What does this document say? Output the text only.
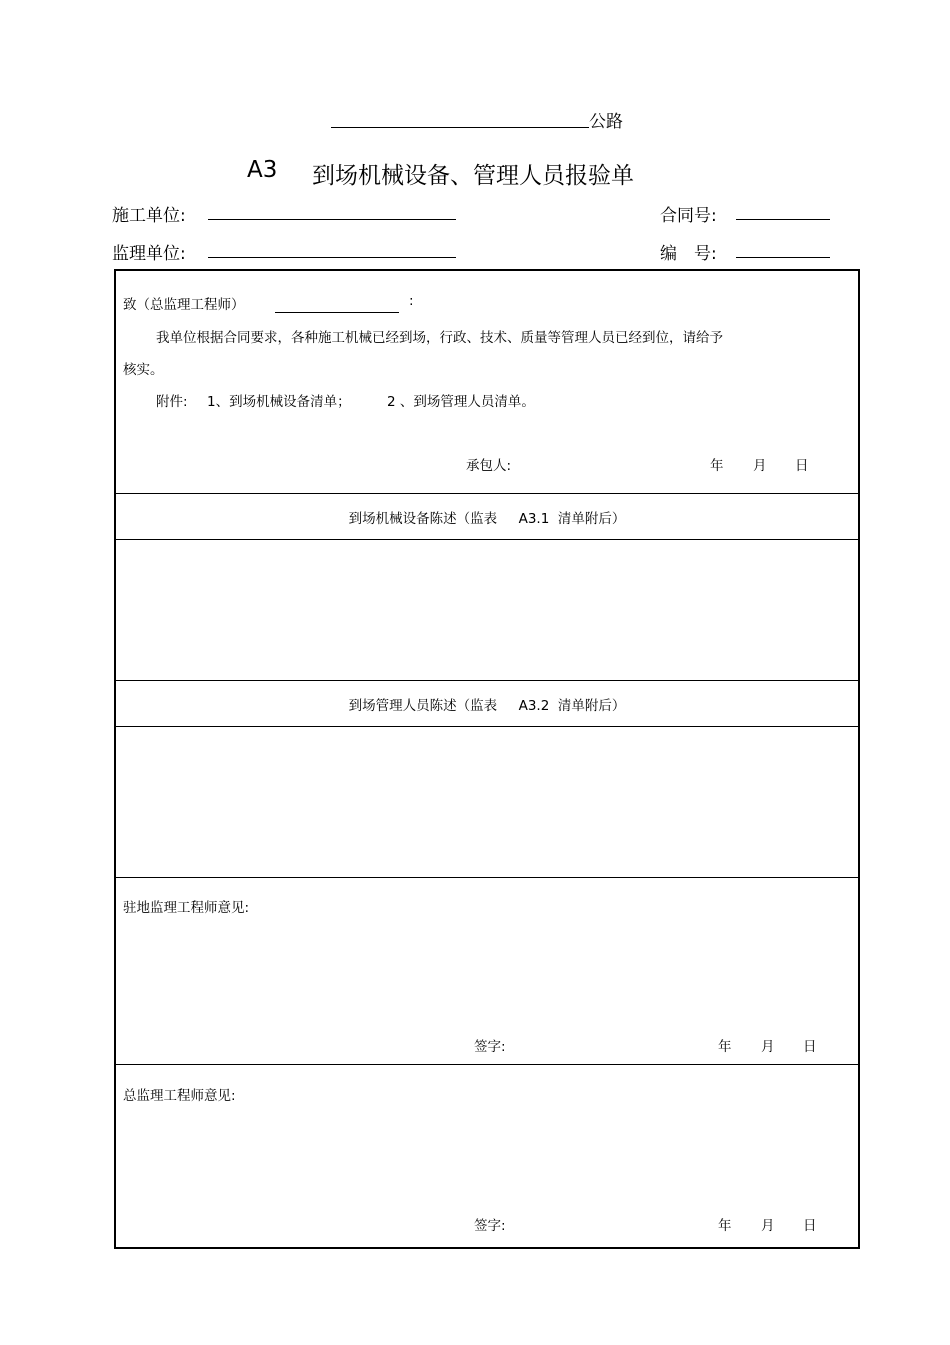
公路
A3 到场机械设备、管理人员报验单
施工单位:	合同号:
监理单位:	编　号:
致（总监理工程师）	:
我单位根据合同要求，各种施工机械已经到场，行政、技术、质量等管理人员已经到位，请给予
核实。
附件: 1、到场机械设备清单；	2 、到场管理人员清单。
承包人:	年 月 日
到场机械设备陈述（监表 A3.1 清单附后）
到场管理人员陈述（监表 A3.2 清单附后）
驻地监理工程师意见:
签字:	年 月 日
总监理工程师意见:
签字:	年 月 日
